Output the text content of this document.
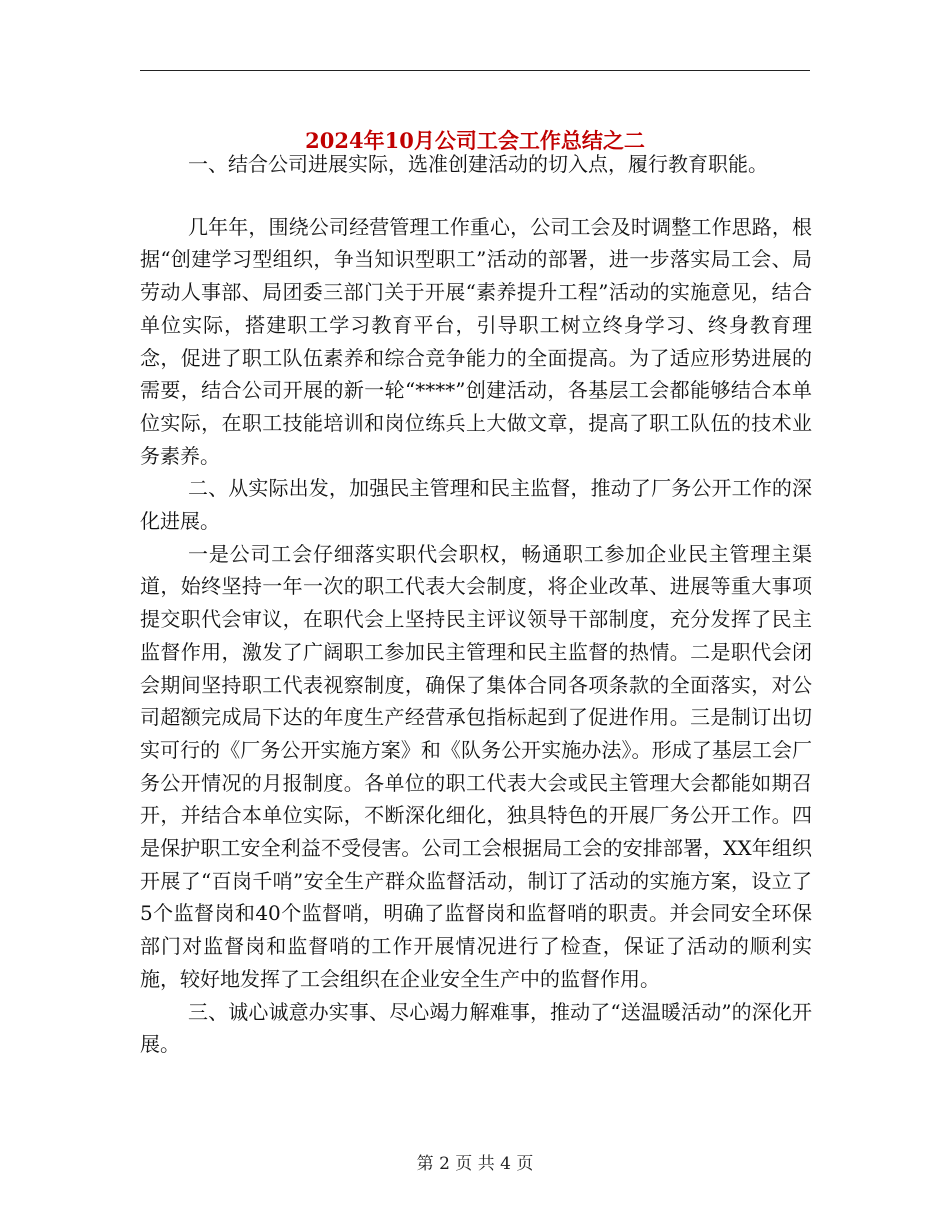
2024年10月公司工会工作总结之二

一、结合公司进展实际，选准创建活动的切入点，履行教育职能。

几年年，围绕公司经营管理工作重心，公司工会及时调整工作思路，根据“创建学习型组织，争当知识型职工”活动的部署，进一步落实局工会、局劳动人事部、局团委三部门关于开展“素养提升工程”活动的实施意见，结合单位实际，搭建职工学习教育平台，引导职工树立终身学习、终身教育理念，促进了职工队伍素养和综合竞争能力的全面提高。为了适应形势进展的需要，结合公司开展的新一轮“****”创建活动，各基层工会都能够结合本单位实际，在职工技能培训和岗位练兵上大做文章，提高了职工队伍的技术业务素养。

二、从实际出发，加强民主管理和民主监督，推动了厂务公开工作的深化进展。

一是公司工会仔细落实职代会职权，畅通职工参加企业民主管理主渠道，始终坚持一年一次的职工代表大会制度，将企业改革、进展等重大事项提交职代会审议，在职代会上坚持民主评议领导干部制度，充分发挥了民主监督作用，激发了广阔职工参加民主管理和民主监督的热情。二是职代会闭会期间坚持职工代表视察制度，确保了集体合同各项条款的全面落实，对公司超额完成局下达的年度生产经营承包指标起到了促进作用。三是制订出切实可行的《厂务公开实施方案》和《队务公开实施办法》。形成了基层工会厂务公开情况的月报制度。各单位的职工代表大会或民主管理大会都能如期召开，并结合本单位实际，不断深化细化，独具特色的开展厂务公开工作。四是保护职工安全利益不受侵害。公司工会根据局工会的安排部署，XX年组织开展了“百岗千哨”安全生产群众监督活动，制订了活动的实施方案，设立了5个监督岗和40个监督哨，明确了监督岗和监督哨的职责。并会同安全环保部门对监督岗和监督哨的工作开展情况进行了检查，保证了活动的顺利实施，较好地发挥了工会组织在企业安全生产中的监督作用。

三、诚心诚意办实事、尽心竭力解难事，推动了“送温暖活动”的深化开展。

第 2 页 共 4 页
